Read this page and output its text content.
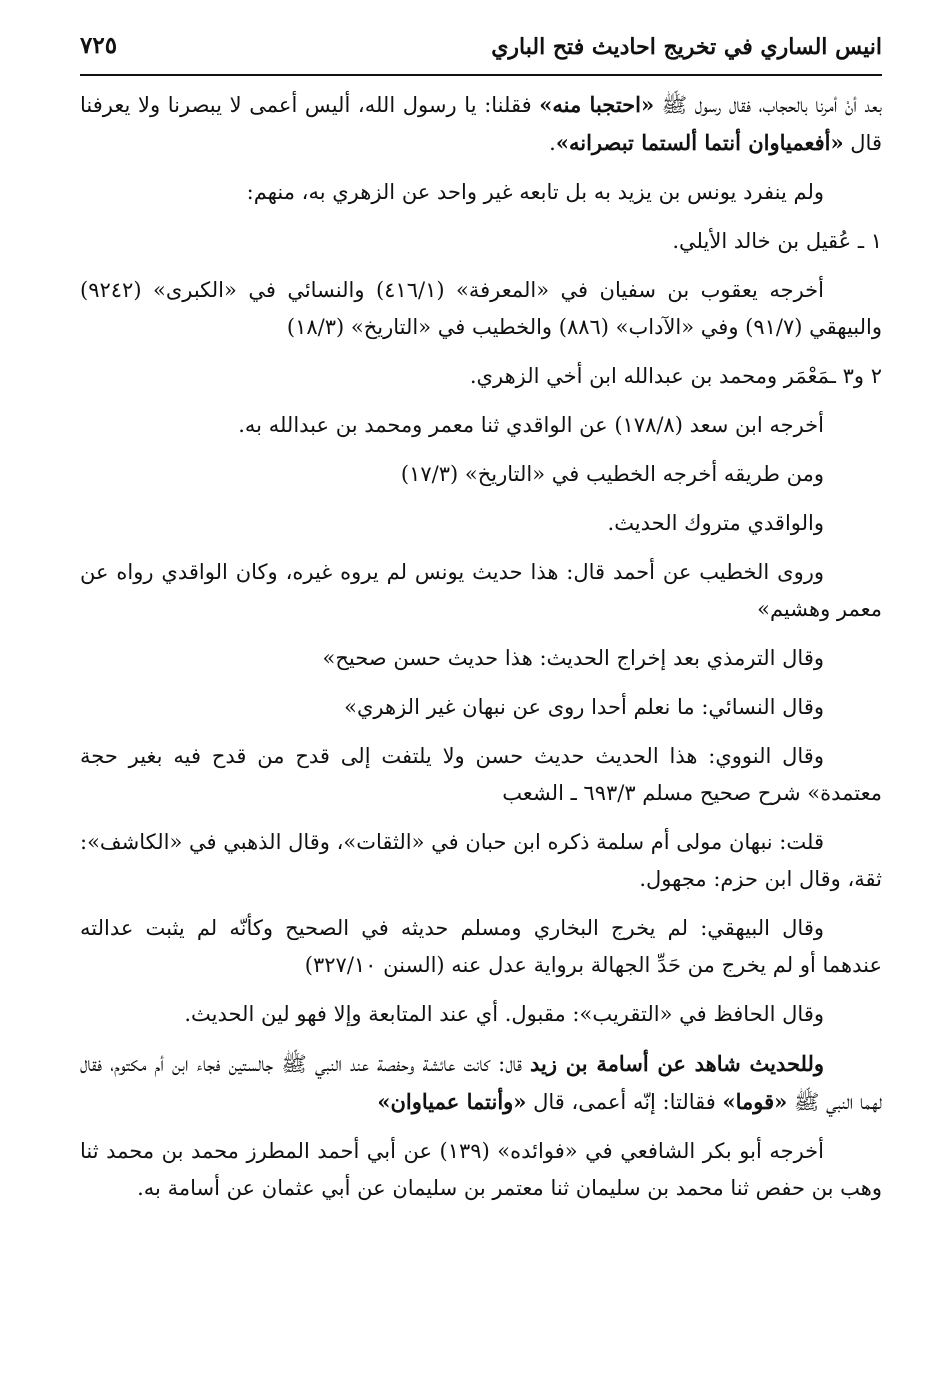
انيس الساري في تخريج احاديث فتح الباري
٧٢٥

بعد أنْ أمرنا بالحجاب، فقال رسول ﷺ «احتجبا منه» فقلنا: يا رسول الله، أليس أعمى لا يبصرنا ولا يعرفنا قال «أفعمياوان أنتما ألستما تبصرانه».

ولم ينفرد يونس بن يزيد به بل تابعه غير واحد عن الزهري به، منهم:

١ ـ عُقيل بن خالد الأيلي.

أخرجه يعقوب بن سفيان في «المعرفة» (٤١٦/١) والنسائي في «الكبرى» (٩٢٤٢) والبيهقي (٩١/٧) وفي «الآداب» (٨٨٦) والخطيب في «التاريخ» (١٨/٣)

٢ و٣ ـمَعْمَر ومحمد بن عبدالله ابن أخي الزهري.

أخرجه ابن سعد (١٧٨/٨) عن الواقدي ثنا معمر ومحمد بن عبدالله به.

ومن طريقه أخرجه الخطيب في «التاريخ» (١٧/٣)

والواقدي متروك الحديث.

وروى الخطيب عن أحمد قال: هذا حديث يونس لم يروه غيره، وكان الواقدي رواه عن معمر وهشيم»

وقال الترمذي بعد إخراج الحديث: هذا حديث حسن صحيح»

وقال النسائي: ما نعلم أحدا روى عن نبهان غير الزهري»

وقال النووي: هذا الحديث حديث حسن ولا يلتفت إلى قدح من قدح فيه بغير حجة معتمدة» شرح صحيح مسلم ٦٩٣/٣ ـ الشعب

قلت: نبهان مولى أم سلمة ذكره ابن حبان في «الثقات»، وقال الذهبي في «الكاشف»: ثقة، وقال ابن حزم: مجهول.

وقال البيهقي: لم يخرج البخاري ومسلم حديثه في الصحيح وكأنّه لم يثبت عدالته عندهما أو لم يخرج من حَدِّ الجهالة برواية عدل عنه (السنن ٣٢٧/١٠)

وقال الحافظ في «التقريب»: مقبول. أي عند المتابعة وإلا فهو لين الحديث.

وللحديث شاهد عن أسامة بن زيد قال: كانت عائشة وحفصة عند النبي ﷺ جالستين فجاء ابن أم مكتوم، فقال لهما النبي ﷺ «قوما» فقالتا: إنّه أعمى، قال «وأنتما عمياوان»

أخرجه أبو بكر الشافعي في «فوائده» (١٣٩) عن أبي أحمد المطرز محمد بن محمد ثنا وهب بن حفص ثنا محمد بن سليمان ثنا معتمر بن سليمان عن أبي عثمان عن أسامة به.
